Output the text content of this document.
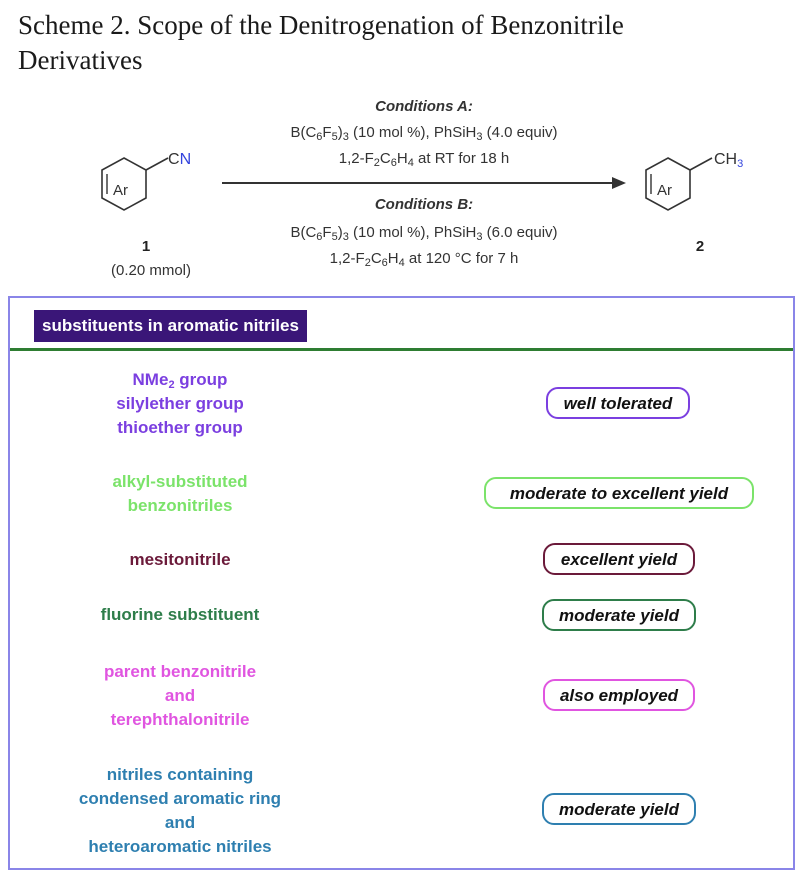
Scheme 2. Scope of the Denitrogenation of Benzonitrile
Derivatives
Ar
CN
1
(0.20 mmol)
Conditions A:
$B(C_6F_5)_3$ (10 mol %), PhSiH$_3$ (4.0 equiv)
$1,2-F_2C_6H_4$ at RT for 18 h
Conditions B:
$B(C_6F_5)_3$ (10 mol %), PhSiH$_3$ (6.0 equiv)
$1,2-F_2C_6H_4$ at 120 °C for 7 h
Ar
$CH_3$
2
substituents in aromatic nitriles
NMe$_2$ group
silylether group
thioether group
well tolerated
alkyl-substituted
benzonitriles
moderate to excellent yield
mesitonitrile	excellent yield
fluorine substituent	moderate yield
parent benzonitrile
and
terephthalonitrile
also employed
nitriles containing
condensed aromatic ring
and
heteroaromatic nitriles
moderate yield
